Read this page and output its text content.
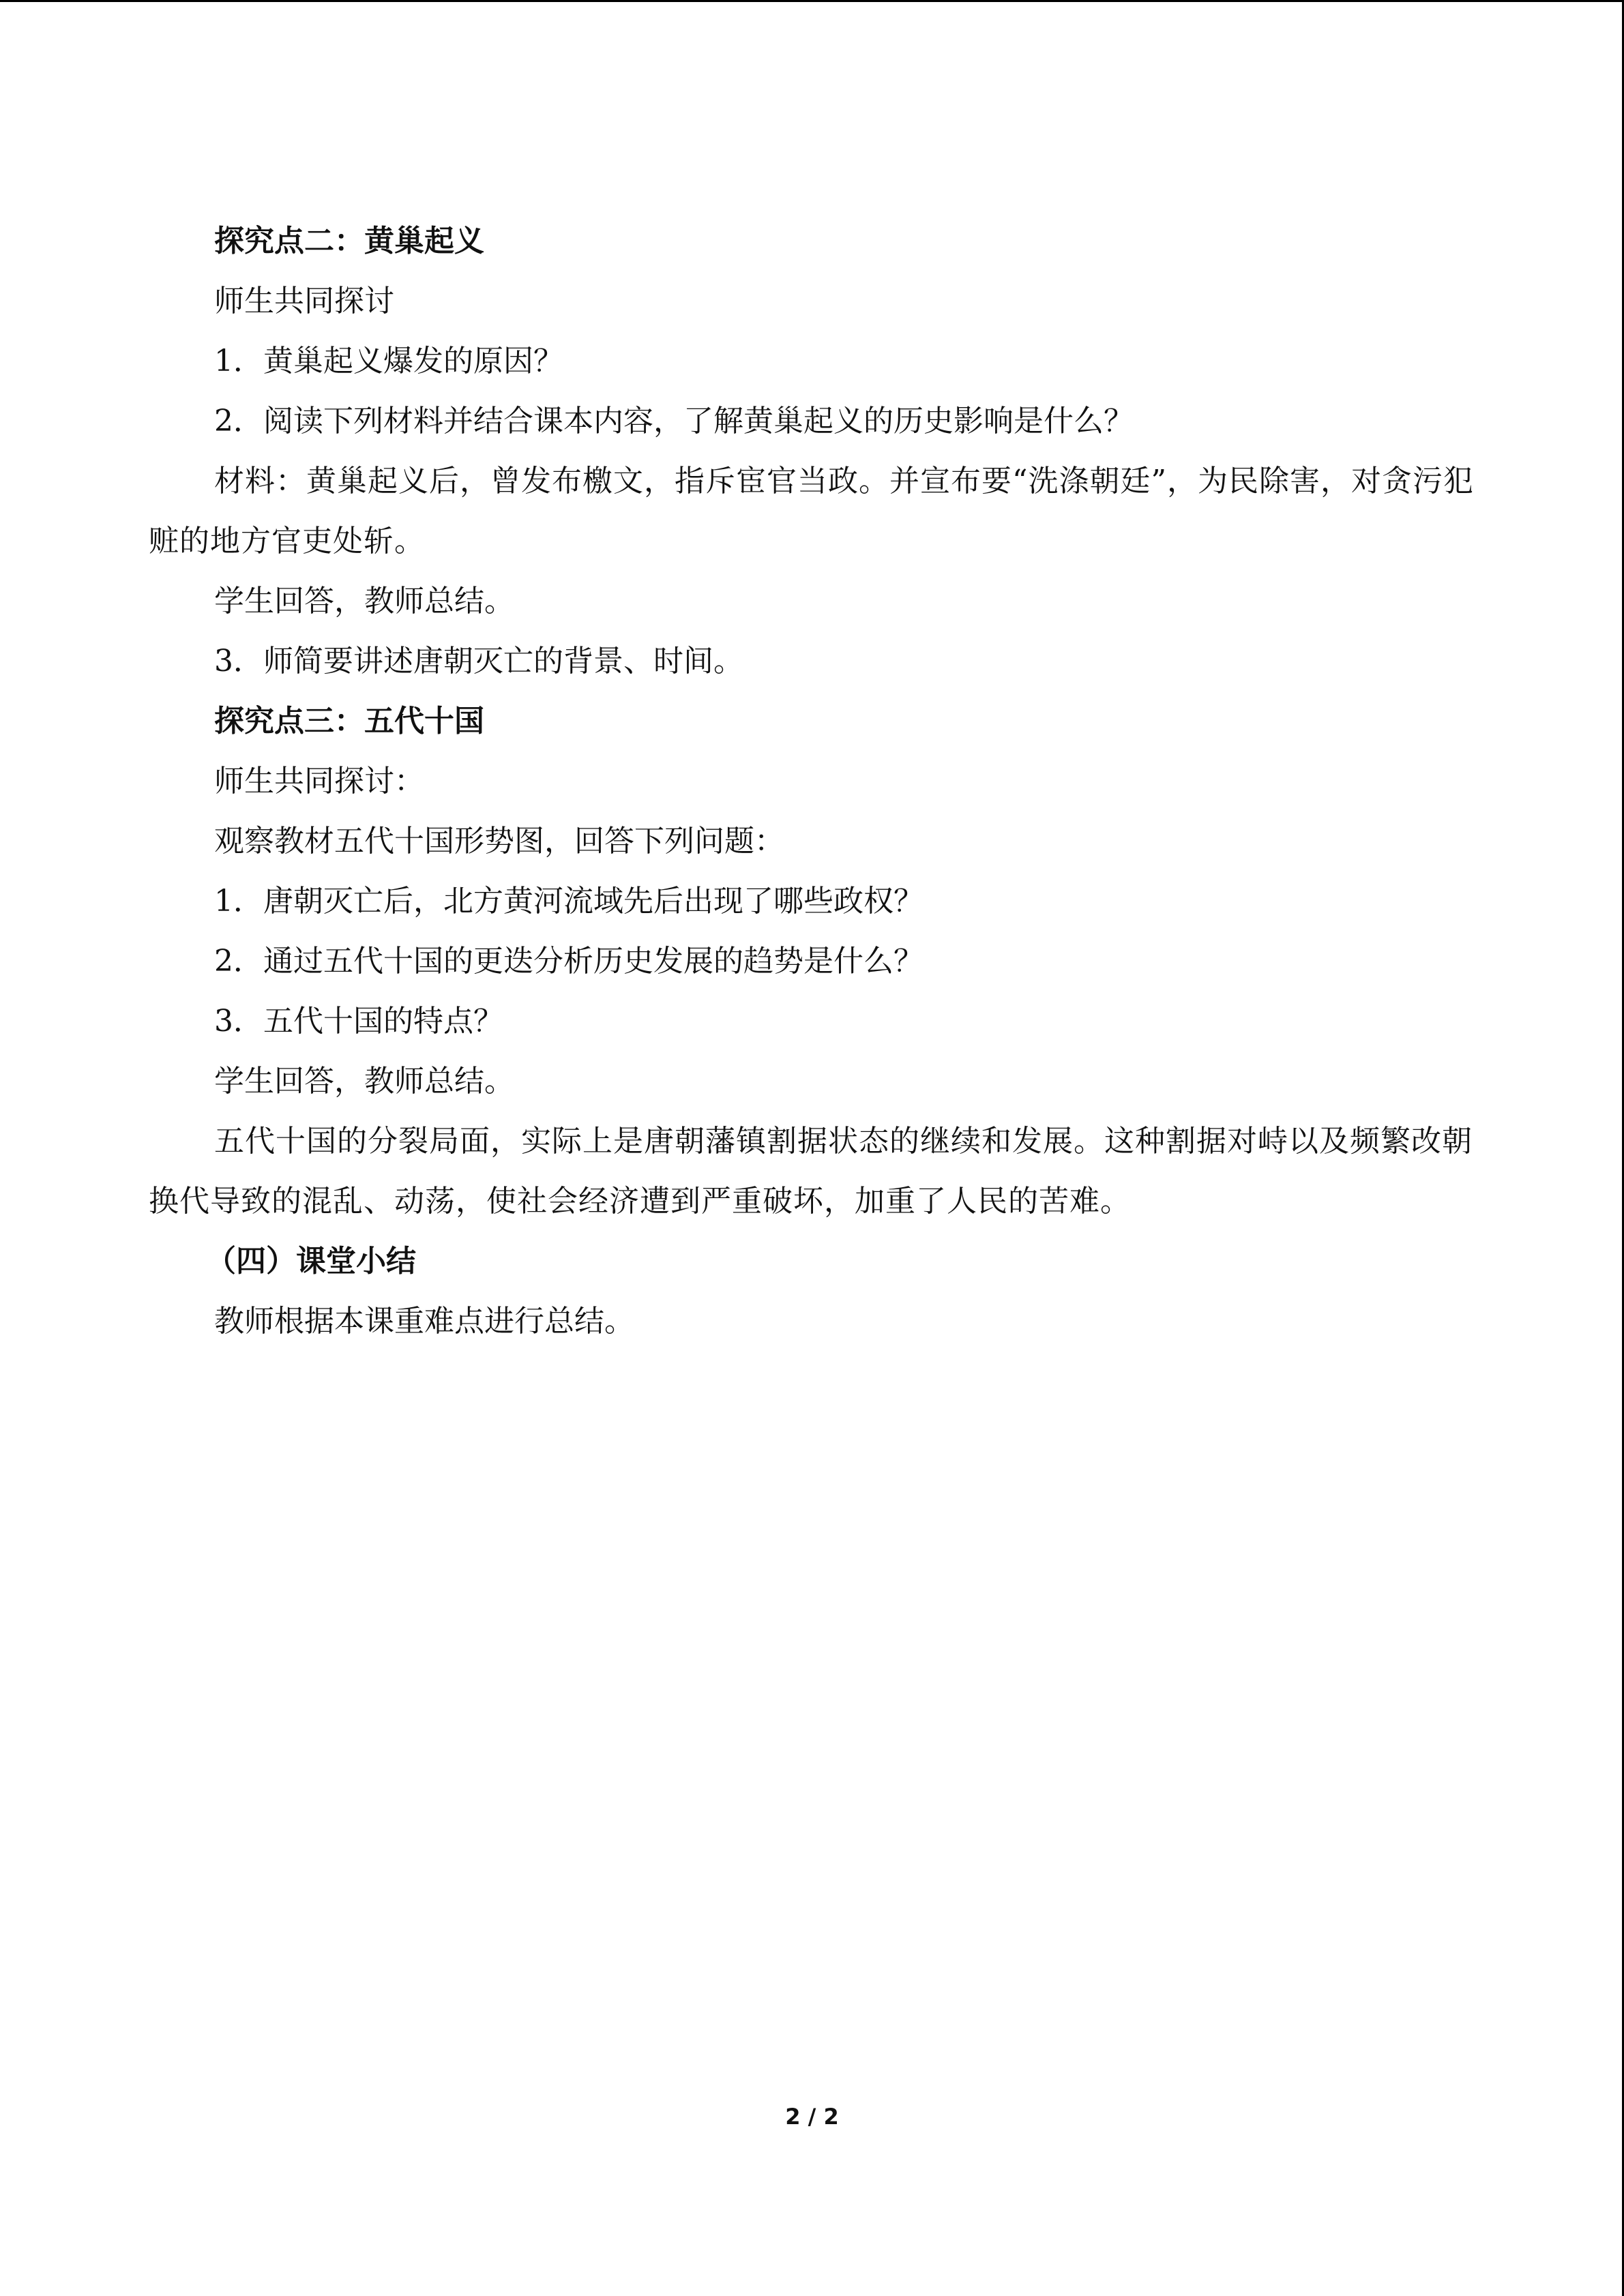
探究点二：黄巢起义

师生共同探讨

1．黄巢起义爆发的原因？

2．阅读下列材料并结合课本内容，了解黄巢起义的历史影响是什么？

材料：黄巢起义后，曾发布檄文，指斥宦官当政。并宣布要“洗涤朝廷”，为民除害，对贪污犯赃的地方官吏处斩。

学生回答，教师总结。

3．师简要讲述唐朝灭亡的背景、时间。

探究点三：五代十国

师生共同探讨：

观察教材五代十国形势图，回答下列问题：

1．唐朝灭亡后，北方黄河流域先后出现了哪些政权？

2．通过五代十国的更迭分析历史发展的趋势是什么？

3．五代十国的特点？

学生回答，教师总结。

五代十国的分裂局面，实际上是唐朝藩镇割据状态的继续和发展。这种割据对峙以及频繁改朝换代导致的混乱、动荡，使社会经济遭到严重破坏，加重了人民的苦难。

（四）课堂小结

教师根据本课重难点进行总结。

2 / 2
